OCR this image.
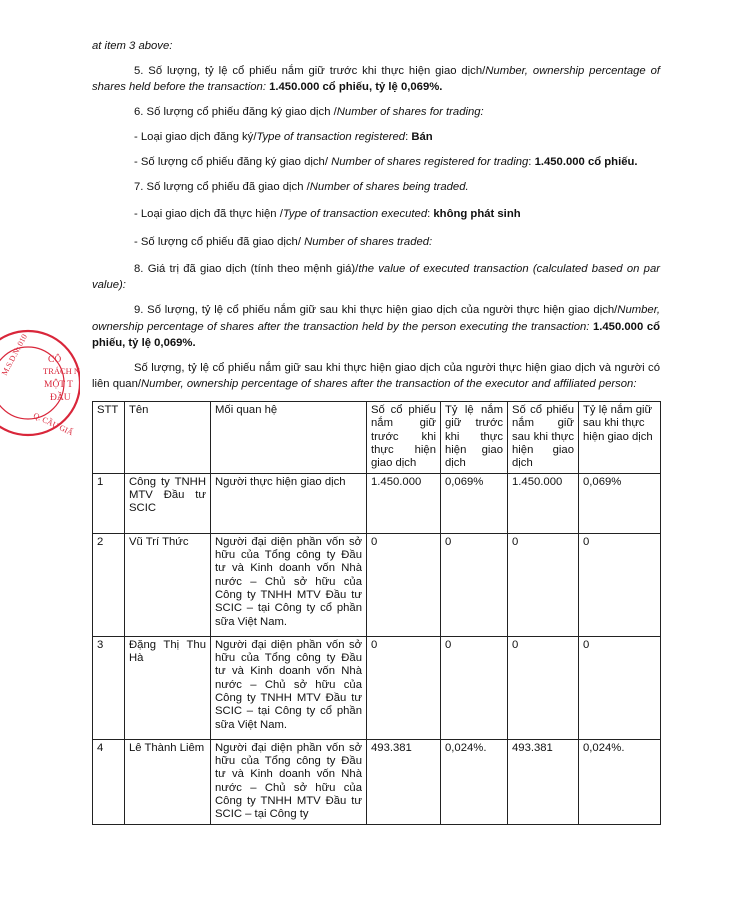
at item 3 above:

5. Số lượng, tỷ lệ cổ phiếu nắm giữ trước khi thực hiện giao dịch/Number, ownership percentage of shares held before the transaction: 1.450.000 cổ phiếu, tỷ lệ 0,069%.

6. Số lượng cổ phiếu đăng ký giao dịch /Number of shares for trading:

- Loại giao dịch đăng ký/Type of transaction registered: Bán

- Số lượng cổ phiếu đăng ký giao dịch/ Number of shares registered for trading: 1.450.000 cổ phiếu.

7. Số lượng cổ phiếu đã giao dịch /Number of shares being traded.

- Loại giao dịch đã thực hiện /Type of transaction executed: không phát sinh

- Số lượng cổ phiếu đã giao dịch/ Number of shares traded:

8. Giá trị đã giao dịch (tính theo mệnh giá)/the value of executed transaction (calculated based on par value):

9. Số lượng, tỷ lệ cổ phiếu nắm giữ sau khi thực hiện giao dịch của người thực hiện giao dịch/Number, ownership percentage of shares after the transaction held by the person executing the transaction: 1.450.000 cổ phiếu, tỷ lệ 0,069%.

Số lượng, tỷ lệ cổ phiếu nắm giữ sau khi thực hiện giao dịch của người thực hiện giao dịch và người có liên quan/Number, ownership percentage of shares after the transaction of the executor and affiliated person:

STT	Tên	Mối quan hệ	Số cổ phiếu nắm giữ trước khi thực hiện giao dịch	Tỷ lệ nắm giữ trước khi thực hiện giao dịch	Số cổ phiếu nắm giữ sau khi thực hiện giao dịch	Tỷ lệ nắm giữ sau khi thực hiện giao dịch
1	Công ty TNHH MTV Đầu tư SCIC	Người thực hiện giao dịch	1.450.000	0,069%	1.450.000	0,069%
2	Vũ Trí Thức	Người đại diện phần vốn sở hữu của Tổng công ty Đầu tư và Kinh doanh vốn Nhà nước – Chủ sở hữu của Công ty TNHH MTV Đầu tư SCIC – tại Công ty cổ phần sữa Việt Nam.	0	0	0	0
3	Đặng Thị Thu Hà	Người đại diện phần vốn sở hữu của Tổng công ty Đầu tư và Kinh doanh vốn Nhà nước – Chủ sở hữu của Công ty TNHH MTV Đầu tư SCIC – tại Công ty cổ phần sữa Việt Nam.	0	0	0	0
4	Lê Thành Liêm	Người đại diện phần vốn sở hữu của Tổng công ty Đầu tư và Kinh doanh vốn Nhà nước – Chủ sở hữu của Công ty TNHH MTV Đầu tư SCIC – tại Công ty	493.381	0,024%.	493.381	0,024%.
CÔ
TRÁCH N
MỘT T
ĐẦU
Q. CẦU GIẤ
M.S.D.N: 010
